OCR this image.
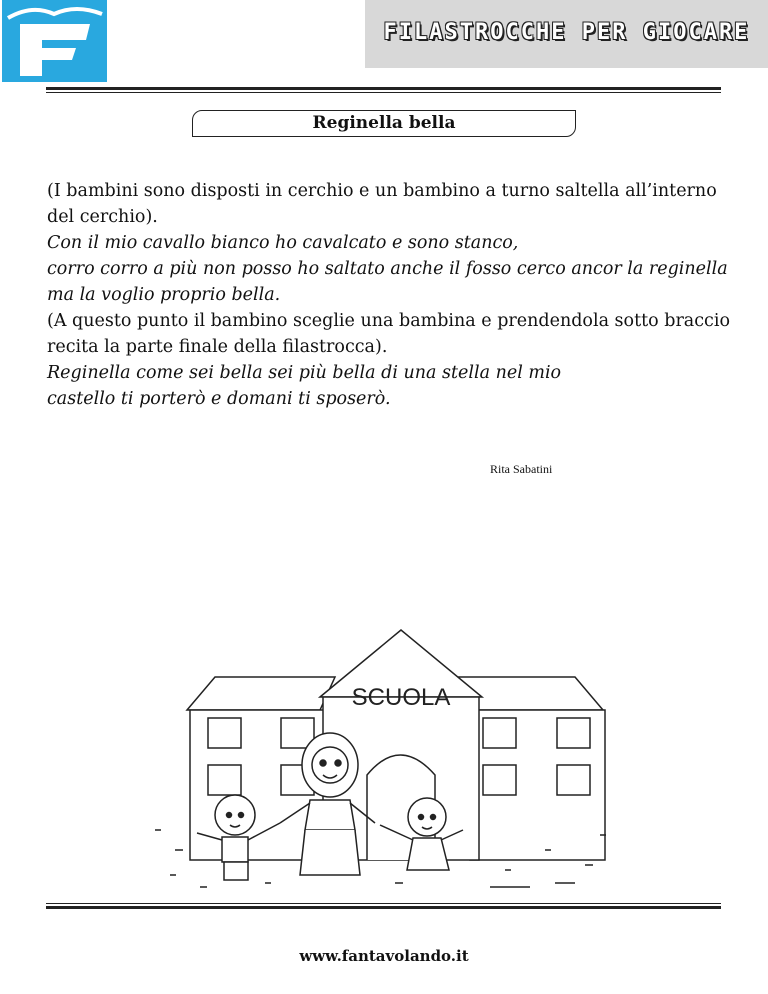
FILASTROCCHE PER GIOCARE
Reginella bella

(I bambini sono disposti in cerchio e un bambino a turno saltella all’interno del cerchio).

Con il mio cavallo bianco ho cavalcato e sono stanco,

corro corro a più non posso ho saltato anche il fosso cerco ancor la reginella ma la voglio proprio bella.

(A questo punto il bambino sceglie una bambina e prendendola sotto braccio recita la parte finale della filastrocca).

Reginella come sei bella sei più bella di una stella nel mio castello ti porterò e domani ti sposerò.

Rita Sabatini
SCUOLA
www.fantavolando.it
